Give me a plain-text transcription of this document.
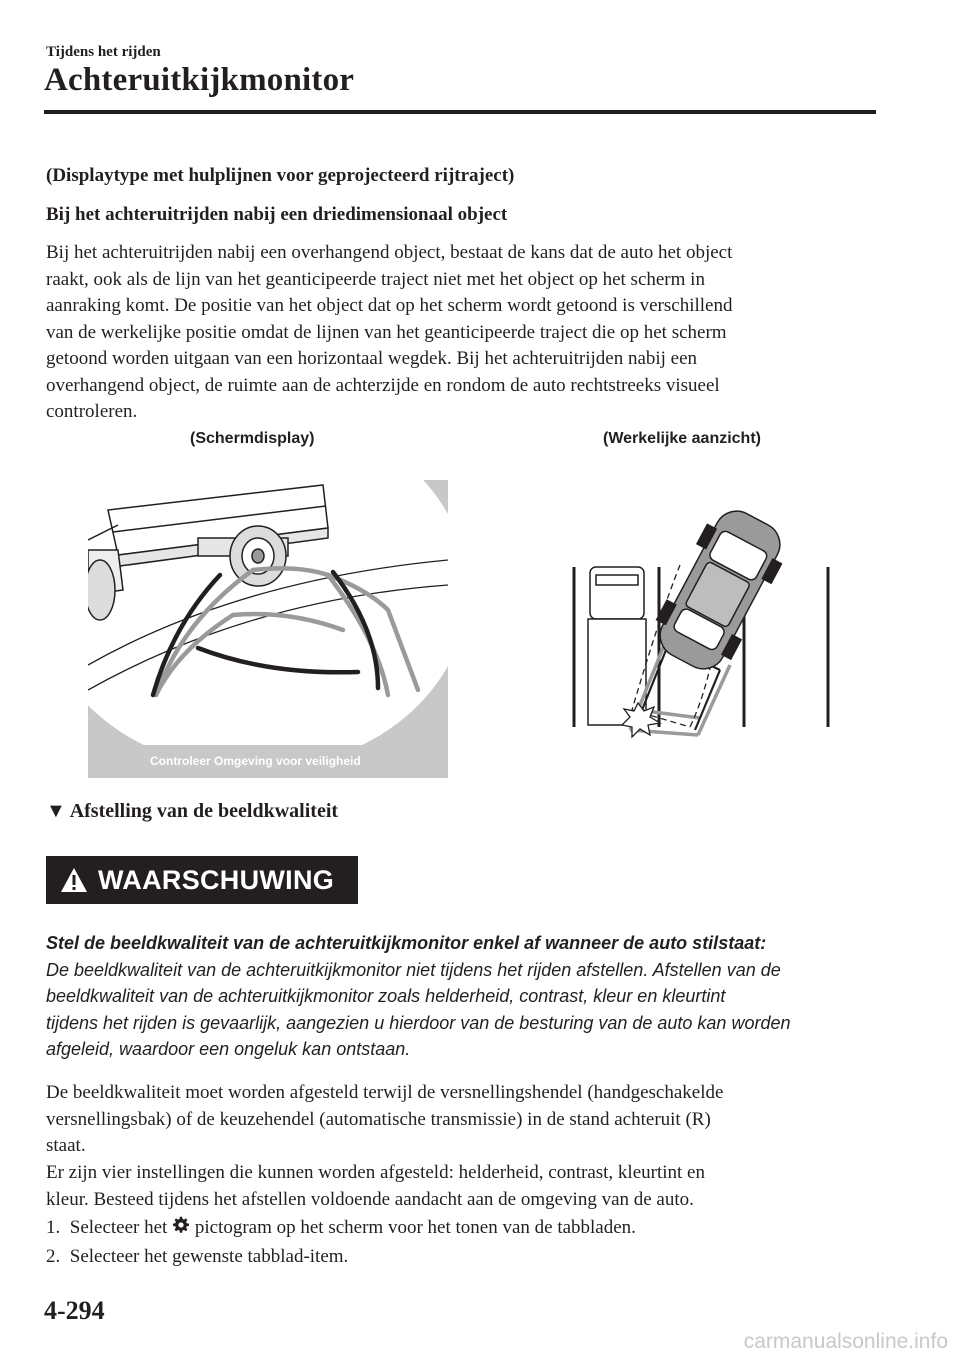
Tijdens het rijden
Achteruitkijkmonitor
(Displaytype met hulplijnen voor geprojecteerd rijtraject)
Bij het achteruitrijden nabij een driedimensionaal object
Bij het achteruitrijden nabij een overhangend object, bestaat de kans dat de auto het object
raakt, ook als de lijn van het geanticipeerde traject niet met het object op het scherm in
aanraking komt. De positie van het object dat op het scherm wordt getoond is verschillend
van de werkelijke positie omdat de lijnen van het geanticipeerde traject die op het scherm
getoond worden uitgaan van een horizontaal wegdek. Bij het achteruitrijden nabij een
overhangend object, de ruimte aan de achterzijde en rondom de auto rechtstreeks visueel
controleren.
(Schermdisplay)	(Werkelijke aanzicht)
Controleer Omgeving voor veiligheid
▼ Afstelling van de beeldkwaliteit
WAARSCHUWING
Stel de beeldkwaliteit van de achteruitkijkmonitor enkel af wanneer de auto stilstaat:
De beeldkwaliteit van de achteruitkijkmonitor niet tijdens het rijden afstellen. Afstellen van de
beeldkwaliteit van de achteruitkijkmonitor zoals helderheid, contrast, kleur en kleurtint
tijdens het rijden is gevaarlijk, aangezien u hierdoor van de besturing van de auto kan worden
afgeleid, waardoor een ongeluk kan ontstaan.
De beeldkwaliteit moet worden afgesteld terwijl de versnellingshendel (handgeschakelde
versnellingsbak) of de keuzehendel (automatische transmissie) in de stand achteruit (R)
staat.
Er zijn vier instellingen die kunnen worden afgesteld: helderheid, contrast, kleurtint en
kleur. Besteed tijdens het afstellen voldoende aandacht aan de omgeving van de auto.
1. Selecteer het pictogram op het scherm voor het tonen van de tabbladen.
2. Selecteer het gewenste tabblad-item.
4-294
carmanualsonline.info
